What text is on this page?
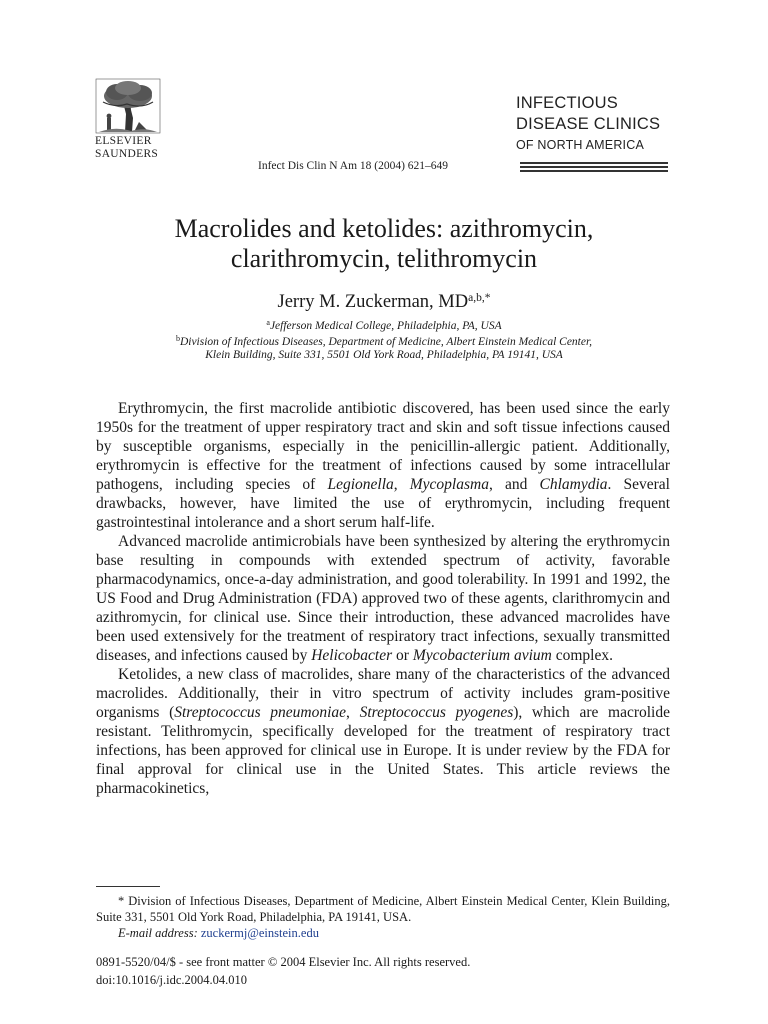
ELSEVIER
SAUNDERS
Infect Dis Clin N Am 18 (2004) 621–649
INFECTIOUS
DISEASE CLINICS
OF NORTH AMERICA
Macrolides and ketolides: azithromycin,
clarithromycin, telithromycin
Jerry M. Zuckerman, $MD^{a,b,*}$
$^a$Jefferson Medical College, Philadelphia, PA, USA
$^b$Division of Infectious Diseases, Department of Medicine, Albert Einstein Medical Center,
Klein Building, Suite 331, 5501 Old York Road, Philadelphia, PA 19141, USA

Erythromycin, the first macrolide antibiotic discovered, has been used since the early 1950s for the treatment of upper respiratory tract and skin and soft tissue infections caused by susceptible organisms, especially in the penicillin-allergic patient. Additionally, erythromycin is effective for the treatment of infections caused by some intracellular pathogens, including species of Legionella, Mycoplasma, and Chlamydia. Several drawbacks, however, have limited the use of erythromycin, including frequent gastrointestinal intolerance and a short serum half-life.

Advanced macrolide antimicrobials have been synthesized by altering the erythromycin base resulting in compounds with extended spectrum of activity, favorable pharmacodynamics, once-a-day administration, and good tolerability. In 1991 and 1992, the US Food and Drug Administration (FDA) approved two of these agents, clarithromycin and azithromycin, for clinical use. Since their introduction, these advanced macrolides have been used extensively for the treatment of respiratory tract infections, sexually transmitted diseases, and infections caused by Helicobacter or Mycobacterium avium complex.

Ketolides, a new class of macrolides, share many of the characteristics of the advanced macrolides. Additionally, their in vitro spectrum of activity includes gram-positive organisms (Streptococcus pneumoniae, Streptococcus pyogenes), which are macrolide resistant. Telithromycin, specifically developed for the treatment of respiratory tract infections, has been approved for clinical use in Europe. It is under review by the FDA for final approval for clinical use in the United States. This article reviews the pharmacokinetics,

* Division of Infectious Diseases, Department of Medicine, Albert Einstein Medical Center, Klein Building, Suite 331, 5501 Old York Road, Philadelphia, PA 19141, USA.

E-mail address: zuckermj@einstein.edu

0891-5520/04/$ - see front matter © 2004 Elsevier Inc. All rights reserved.
doi:10.1016/j.idc.2004.04.010
